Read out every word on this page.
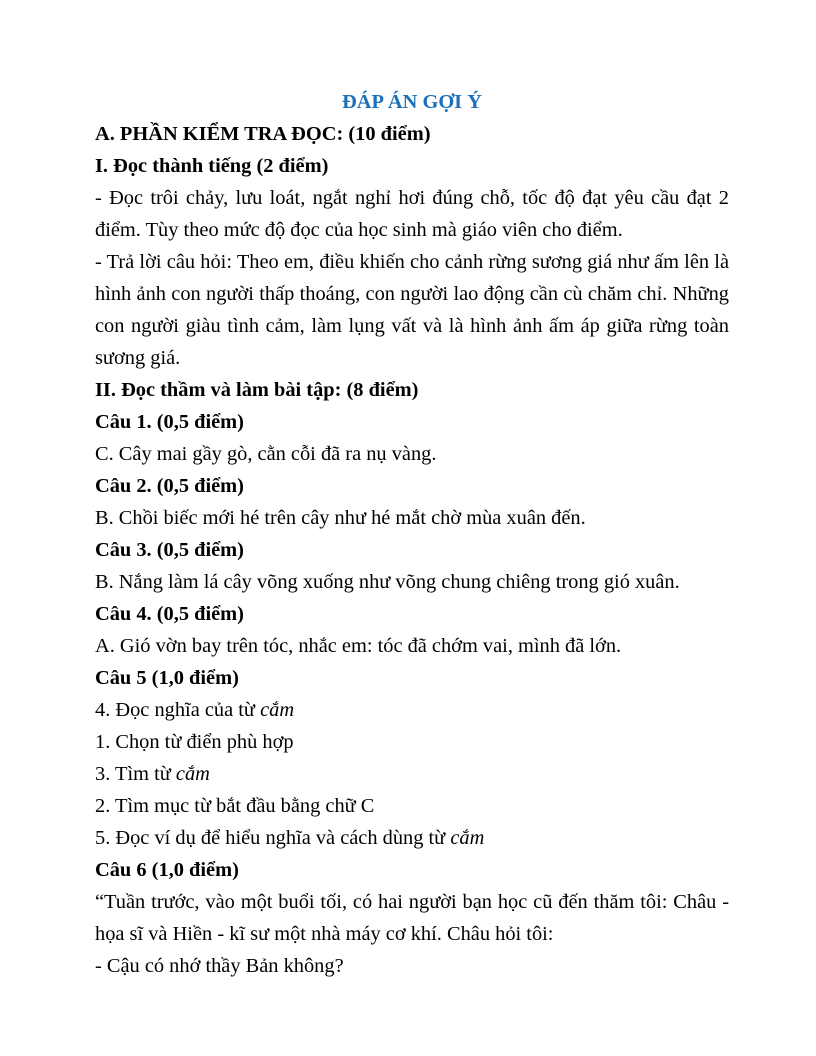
ĐÁP ÁN GỢI Ý

A. PHẦN KIỂM TRA ĐỌC: (10 điểm)

I. Đọc thành tiếng (2 điểm)

- Đọc trôi chảy, lưu loát, ngắt nghỉ hơi đúng chỗ, tốc độ đạt yêu cầu đạt 2 điểm. Tùy theo mức độ đọc của học sinh mà giáo viên cho điểm.

- Trả lời câu hỏi: Theo em, điều khiến cho cảnh rừng sương giá như ấm lên là hình ảnh con người thấp thoáng, con người lao động cần cù chăm chỉ. Những con người giàu tình cảm, làm lụng vất và là hình ảnh ấm áp giữa rừng toàn sương giá.

II. Đọc thầm và làm bài tập: (8 điểm)

Câu 1. (0,5 điểm)

C. Cây mai gầy gò, cằn cỗi đã ra nụ vàng.

Câu 2. (0,5 điểm)

B. Chồi biếc mới hé trên cây như hé mắt chờ mùa xuân đến.

Câu 3. (0,5 điểm)

B. Nắng làm lá cây võng xuống như võng chung chiêng trong gió xuân.

Câu 4. (0,5 điểm)

A. Gió vờn bay trên tóc, nhắc em: tóc đã chớm vai, mình đã lớn.

Câu 5 (1,0 điểm)

4. Đọc nghĩa của từ cắm

1. Chọn từ điển phù hợp

3. Tìm từ cắm

2. Tìm mục từ bắt đầu bằng chữ C

5. Đọc ví dụ để hiểu nghĩa và cách dùng từ cắm

Câu 6 (1,0 điểm)

“Tuần trước, vào một buổi tối, có hai người bạn học cũ đến thăm tôi: Châu - họa sĩ và Hiền - kĩ sư một nhà máy cơ khí. Châu hỏi tôi:

- Cậu có nhớ thầy Bản không?
